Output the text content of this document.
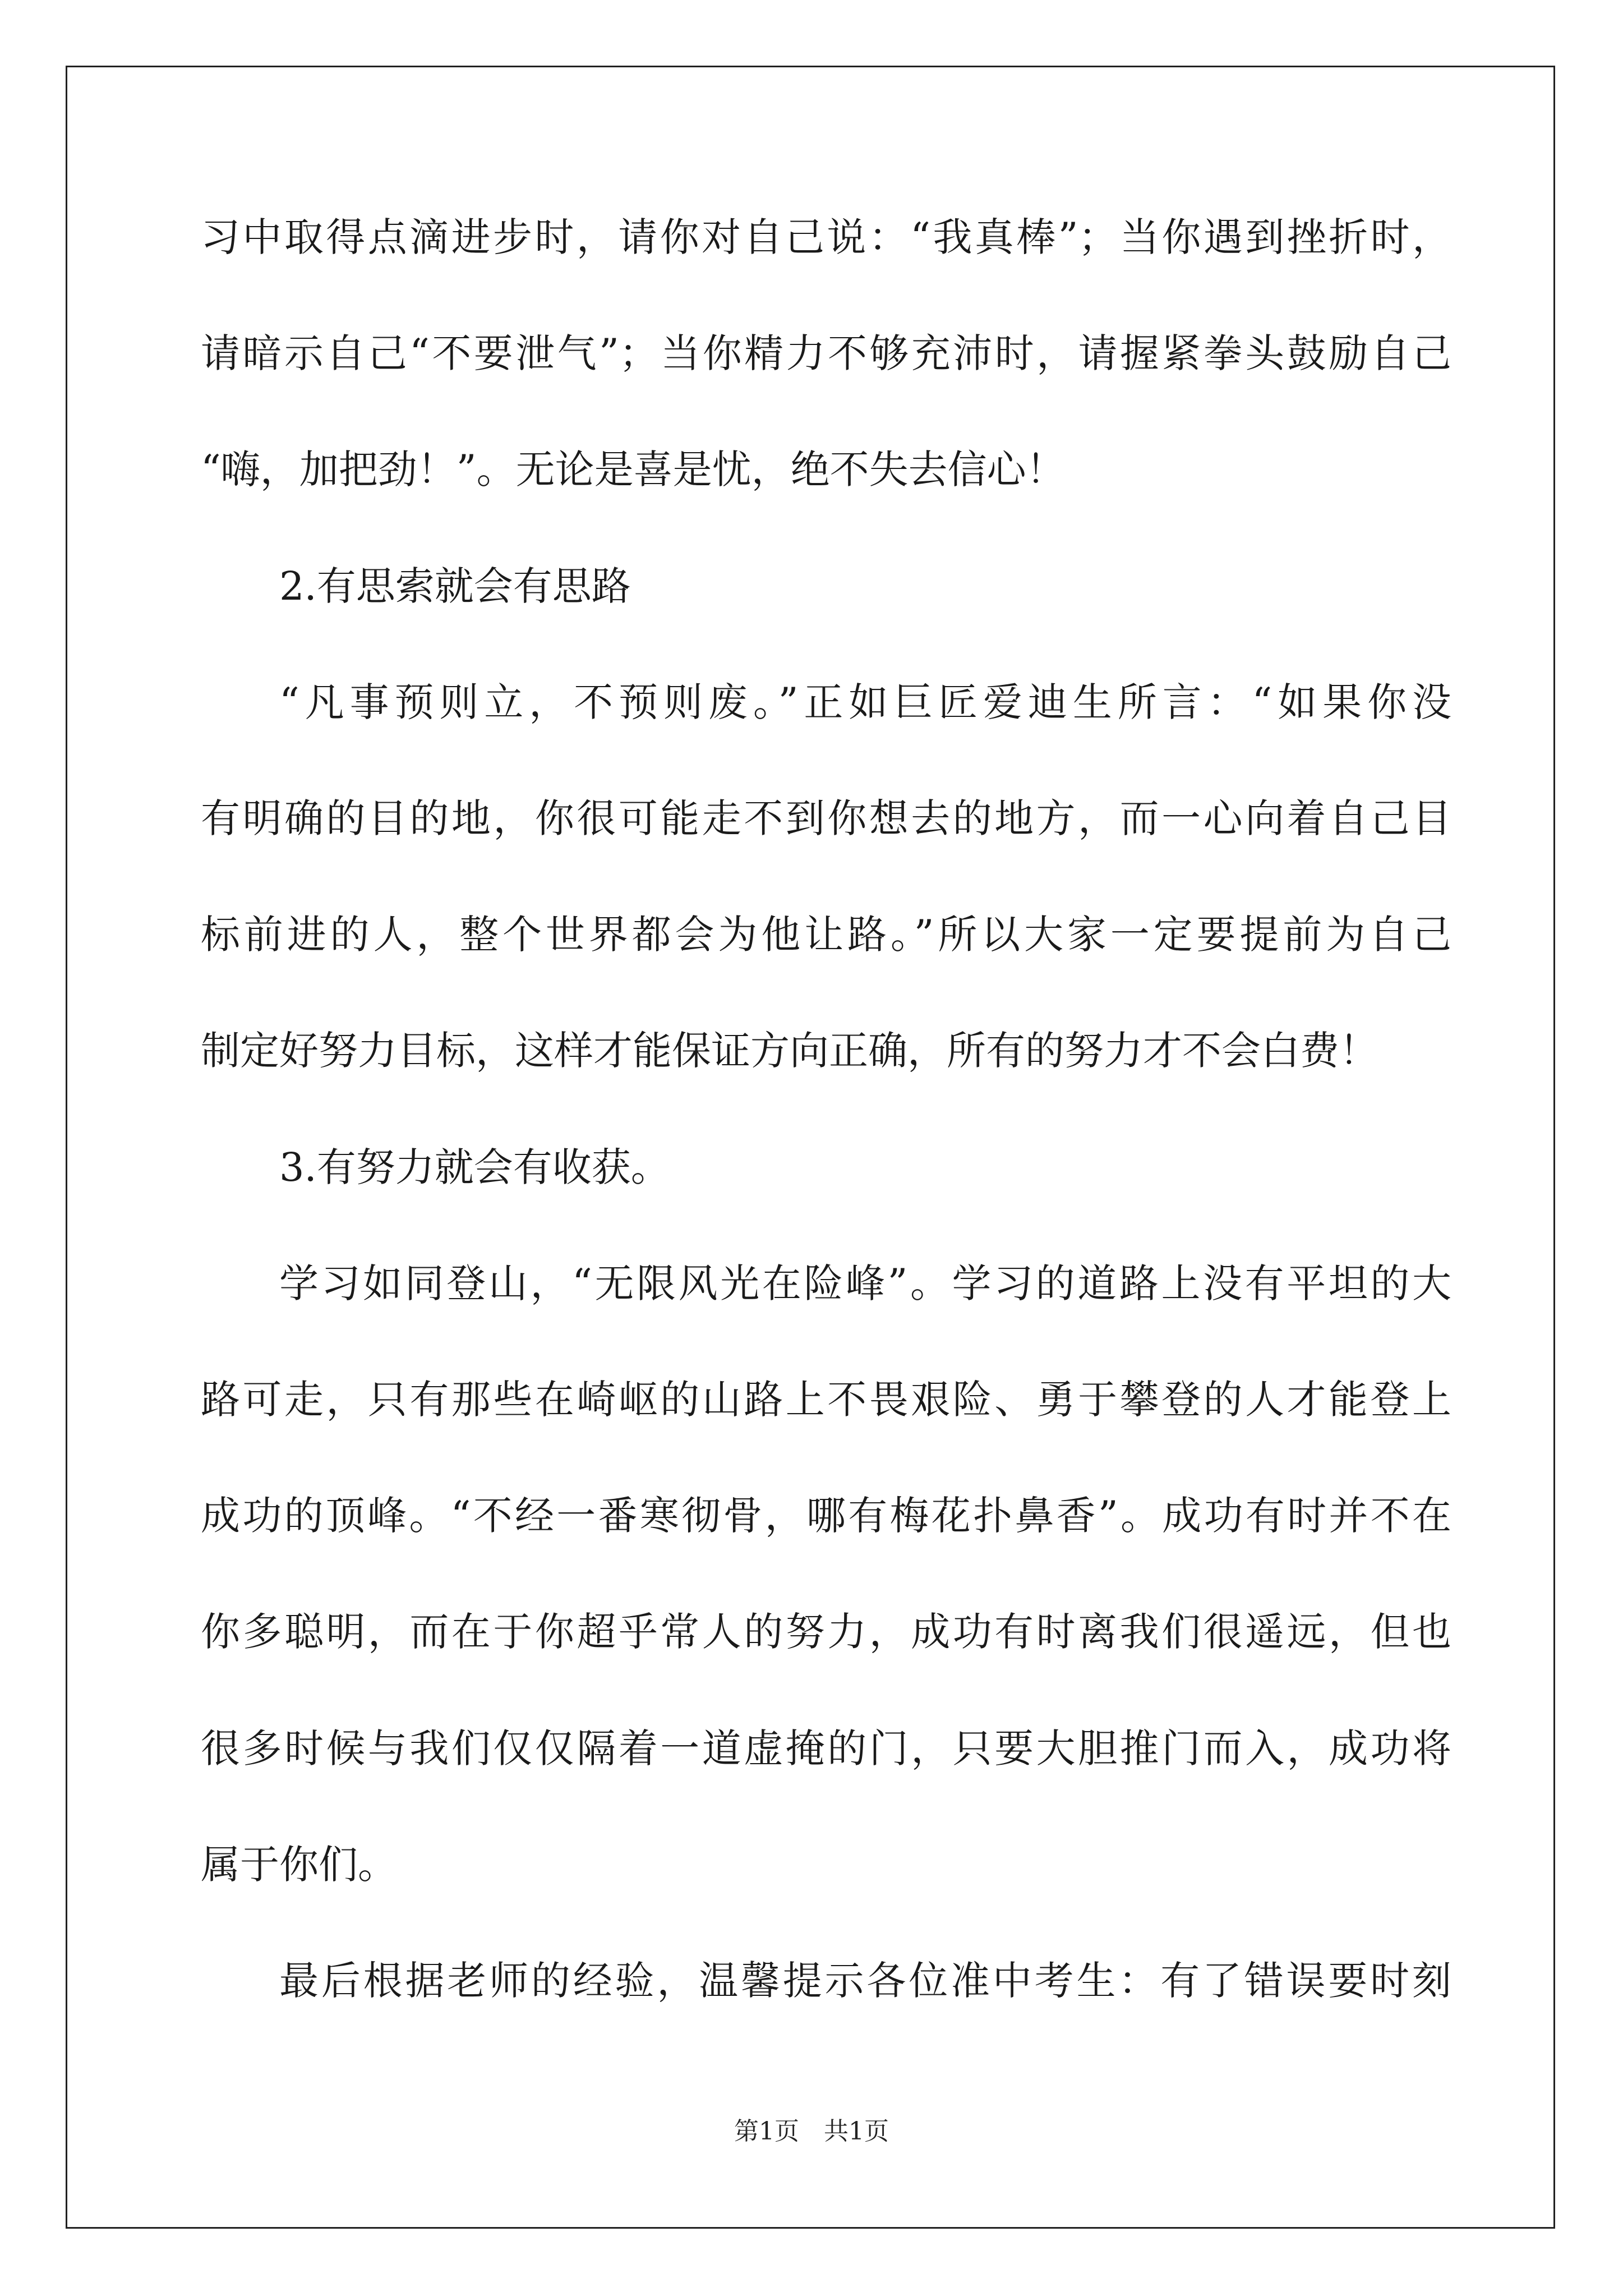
习中取得点滴进步时，请你对自己说：“我真棒”；当你遇到挫折时，
请暗示自己“不要泄气”；当你精力不够充沛时，请握紧拳头鼓励自己
“嗨，加把劲！”。无论是喜是忧，绝不失去信心！
2.有思索就会有思路
“凡事预则立，不预则废。”正如巨匠爱迪生所言：“如果你没
有明确的目的地，你很可能走不到你想去的地方，而一心向着自己目
标前进的人，整个世界都会为他让路。”所以大家一定要提前为自己
制定好努力目标，这样才能保证方向正确，所有的努力才不会白费！
3.有努力就会有收获。
学习如同登山，“无限风光在险峰”。学习的道路上没有平坦的大
路可走，只有那些在崎岖的山路上不畏艰险、勇于攀登的人才能登上
成功的顶峰。“不经一番寒彻骨，哪有梅花扑鼻香”。成功有时并不在
你多聪明，而在于你超乎常人的努力，成功有时离我们很遥远，但也
很多时候与我们仅仅隔着一道虚掩的门，只要大胆推门而入，成功将
属于你们。
最后根据老师的经验，温馨提示各位准中考生：有了错误要时刻
第1页　共1页
